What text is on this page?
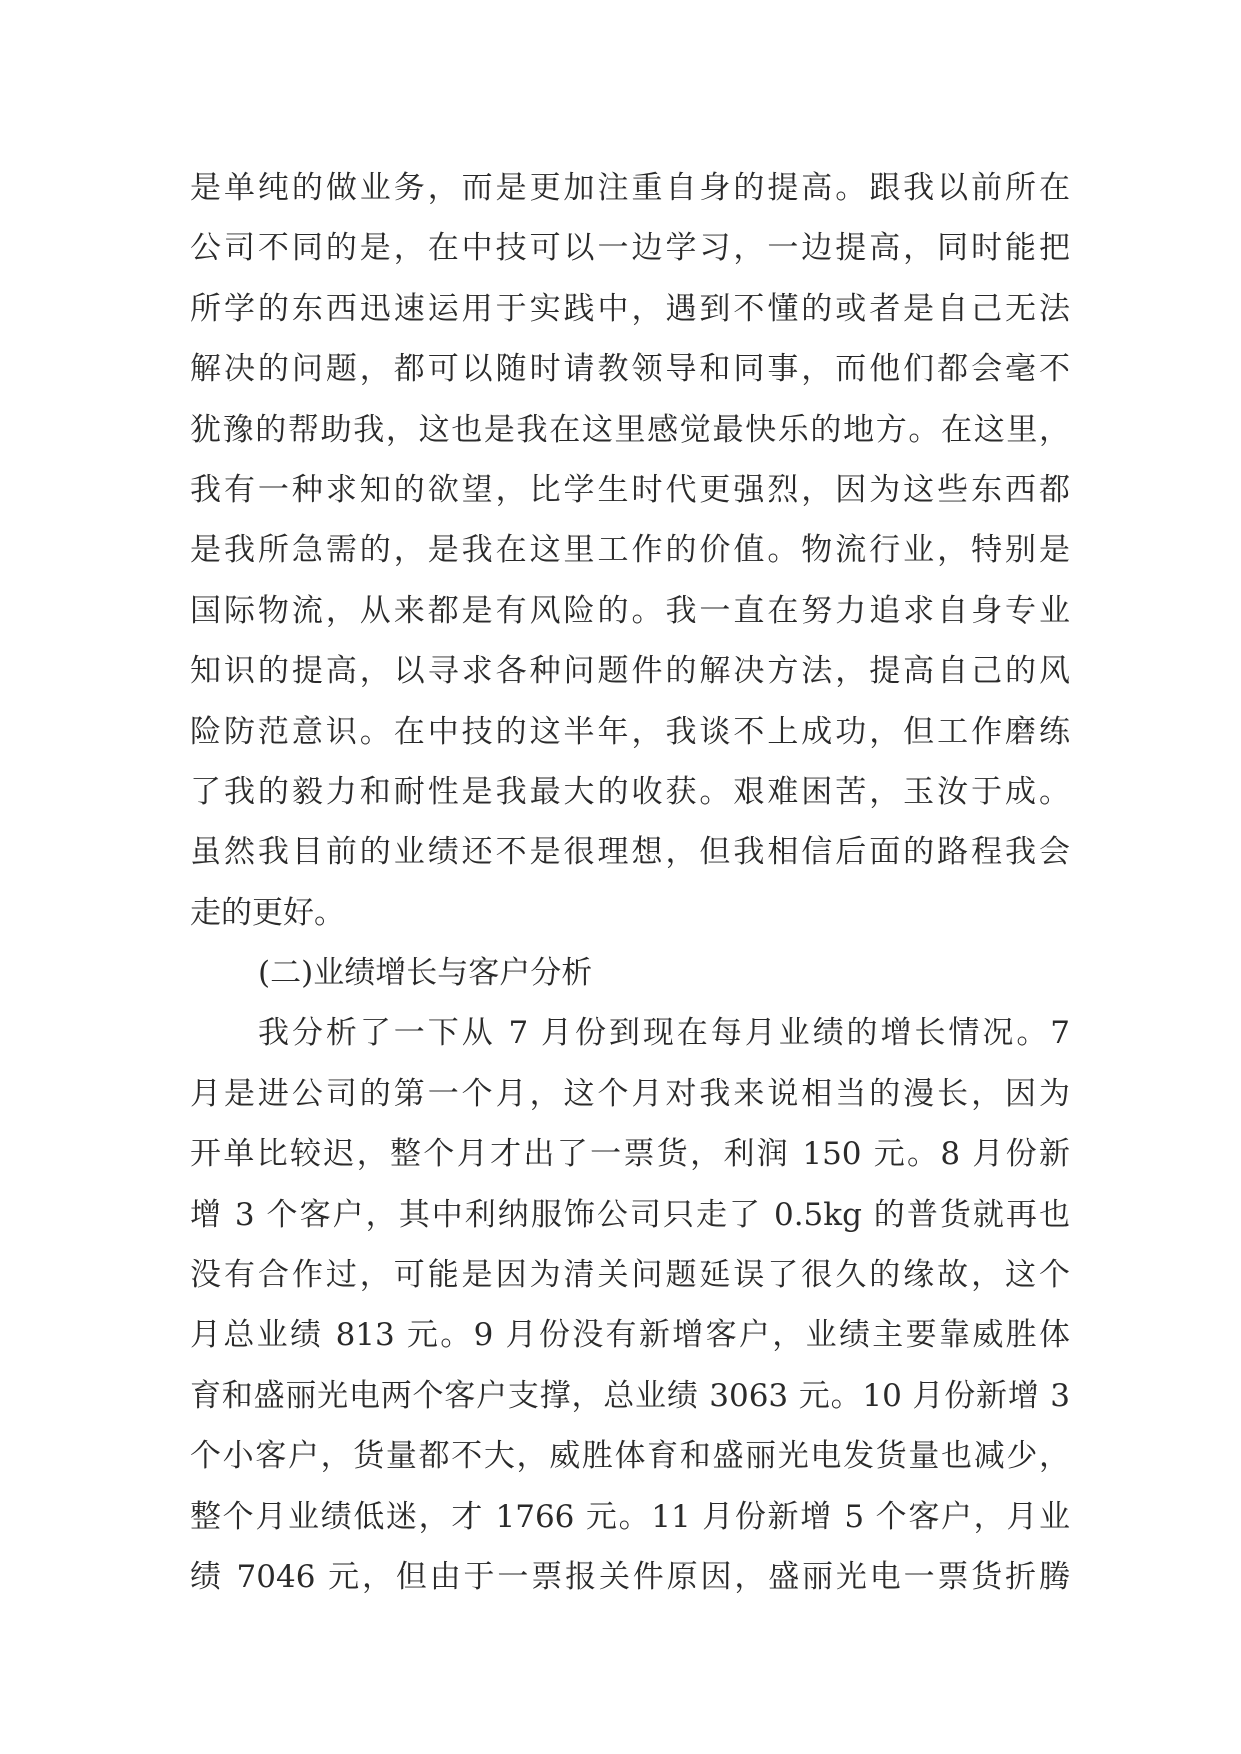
是单纯的做业务，而是更加注重自身的提高。跟我以前所在
公司不同的是，在中技可以一边学习，一边提高，同时能把
所学的东西迅速运用于实践中，遇到不懂的或者是自己无法
解决的问题，都可以随时请教领导和同事，而他们都会毫不
犹豫的帮助我，这也是我在这里感觉最快乐的地方。在这里，
我有一种求知的欲望，比学生时代更强烈，因为这些东西都
是我所急需的，是我在这里工作的价值。物流行业，特别是
国际物流，从来都是有风险的。我一直在努力追求自身专业
知识的提高，以寻求各种问题件的解决方法，提高自己的风
险防范意识。在中技的这半年，我谈不上成功，但工作磨练
了我的毅力和耐性是我最大的收获。艰难困苦，玉汝于成。
虽然我目前的业绩还不是很理想，但我相信后面的路程我会
走的更好。
(二)业绩增长与客户分析
我分析了一下从 7 月份到现在每月业绩的增长情况。7
月是进公司的第一个月，这个月对我来说相当的漫长，因为
开单比较迟，整个月才出了一票货，利润 150 元。8 月份新
增 3 个客户，其中利纳服饰公司只走了 0.5kg 的普货就再也
没有合作过，可能是因为清关问题延误了很久的缘故，这个
月总业绩 813 元。9 月份没有新增客户，业绩主要靠威胜体
育和盛丽光电两个客户支撑，总业绩 3063 元。10 月份新增 3
个小客户，货量都不大，威胜体育和盛丽光电发货量也减少，
整个月业绩低迷，才 1766 元。11 月份新增 5 个客户，月业
绩 7046 元，但由于一票报关件原因，盛丽光电一票货折腾
